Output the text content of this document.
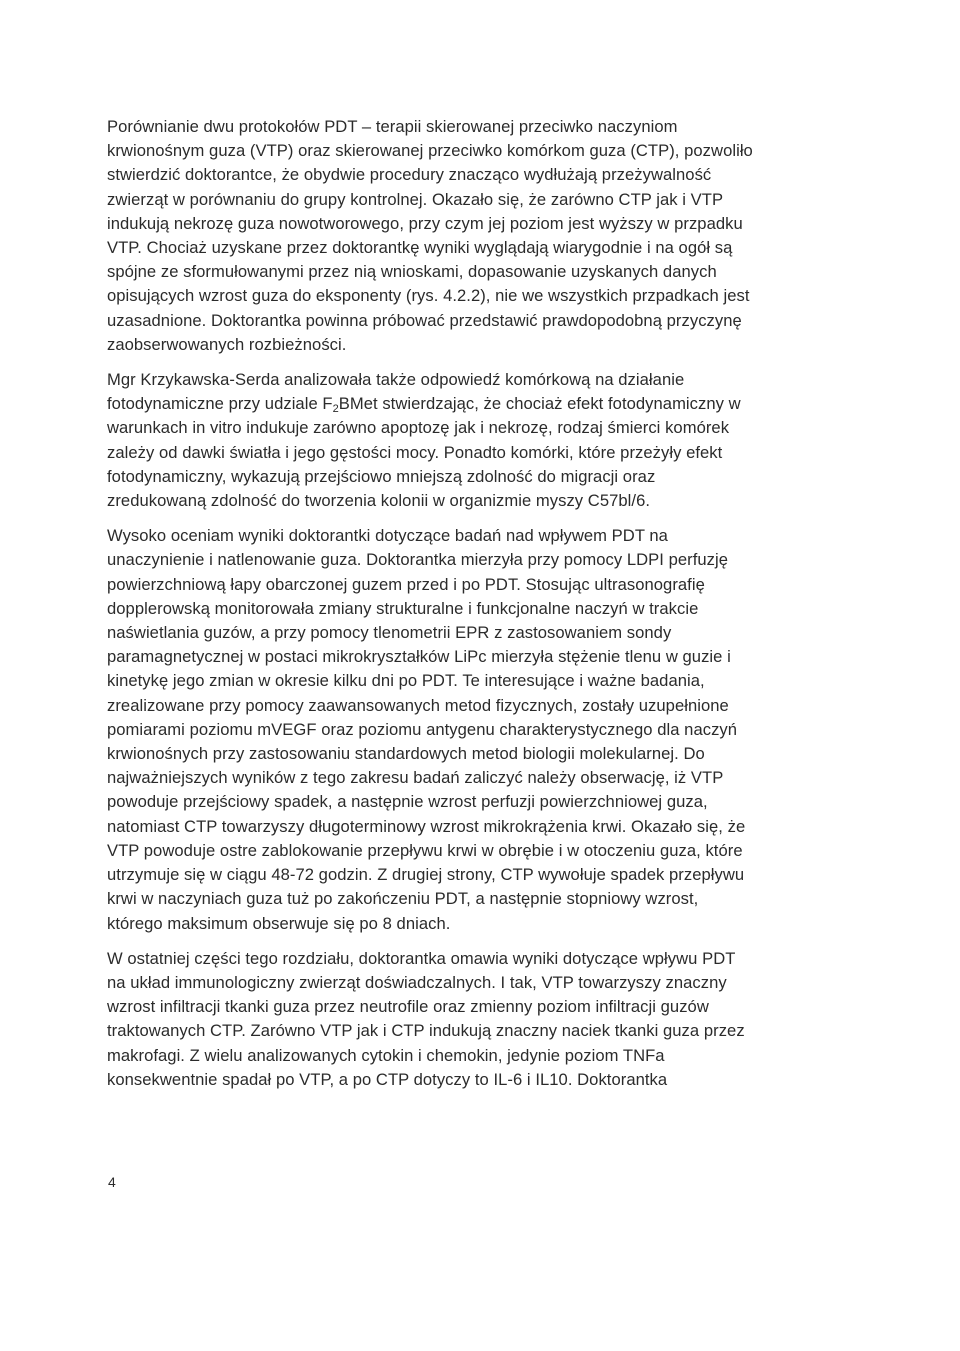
Porównianie dwu protokołów PDT – terapii skierowanej przeciwko naczyniom
krwionośnym guza (VTP) oraz skierowanej przeciwko komórkom guza (CTP), pozwoliło
stwierdzić doktorantce, że obydwie procedury znacząco wydłużają przeżywalność
zwierząt w porównaniu do grupy kontrolnej. Okazało się, że zarówno CTP jak i VTP
indukują nekrozę guza nowotworowego, przy czym jej poziom jest wyższy w przpadku
VTP. Chociaż uzyskane przez doktorantkę wyniki wyglądają wiarygodnie i na ogół są
spójne ze sformułowanymi przez nią wnioskami, dopasowanie uzyskanych danych
opisujących wzrost guza do eksponenty (rys. 4.2.2), nie we wszystkich przpadkach jest
uzasadnione. Doktorantka powinna próbować przedstawić prawdopodobną przyczynę
zaobserwowanych rozbieżności.

Mgr Krzykawska-Serda analizowała także odpowiedź komórkową na działanie
fotodynamiczne przy udziale $F_2BMet$ stwierdzając, że chociaż efekt fotodynamiczny w
warunkach in vitro indukuje zarówno apoptozę jak i nekrozę, rodzaj śmierci komórek
zależy od dawki światła i jego gęstości mocy. Ponadto komórki, które przeżyły efekt
fotodynamiczny, wykazują przejściowo mniejszą zdolność do migracji oraz
zredukowaną zdolność do tworzenia kolonii w organizmie myszy C57bl/6.

Wysoko oceniam wyniki doktorantki dotyczące badań nad wpływem PDT na
unaczynienie i natlenowanie guza. Doktorantka mierzyła przy pomocy LDPI perfuzję
powierzchniową łapy obarczonej guzem przed i po PDT. Stosując ultrasonografię
dopplerowską monitorowała zmiany strukturalne i funkcjonalne naczyń w trakcie
naświetlania guzów, a przy pomocy tlenometrii EPR z zastosowaniem sondy
paramagnetycznej w postaci mikrokryształków LiPc mierzyła stężenie tlenu w guzie i
kinetykę jego zmian w okresie kilku dni po PDT. Te interesujące i ważne badania,
zrealizowane przy pomocy zaawansowanych metod fizycznych, zostały uzupełnione
pomiarami poziomu mVEGF oraz poziomu antygenu charakterystycznego dla naczyń
krwionośnych przy zastosowaniu standardowych metod biologii molekularnej. Do
najważniejszych wyników z tego zakresu badań zaliczyć należy obserwację, iż VTP
powoduje przejściowy spadek, a następnie wzrost perfuzji powierzchniowej guza,
natomiast CTP towarzyszy długoterminowy wzrost mikrokrążenia krwi. Okazało się, że
VTP powoduje ostre zablokowanie przepływu krwi w obrębie i w otoczeniu guza, które
utrzymuje się w ciągu 48-72 godzin. Z drugiej strony, CTP wywołuje spadek przepływu
krwi w naczyniach guza tuż po zakończeniu PDT, a następnie stopniowy wzrost,
którego maksimum obserwuje się po 8 dniach.

W ostatniej części tego rozdziału, doktorantka omawia wyniki dotyczące wpływu PDT
na układ immunologiczny zwierząt doświadczalnych. I tak, VTP towarzyszy znaczny
wzrost infiltracji tkanki guza przez neutrofile oraz zmienny poziom infiltracji guzów
traktowanych CTP. Zarówno VTP jak i CTP indukują znaczny naciek tkanki guza przez
makrofagi. Z wielu analizowanych cytokin i chemokin, jedynie poziom TNFa
konsekwentnie spadał po VTP, a po CTP dotyczy to IL-6 i IL10. Doktorantka

4
